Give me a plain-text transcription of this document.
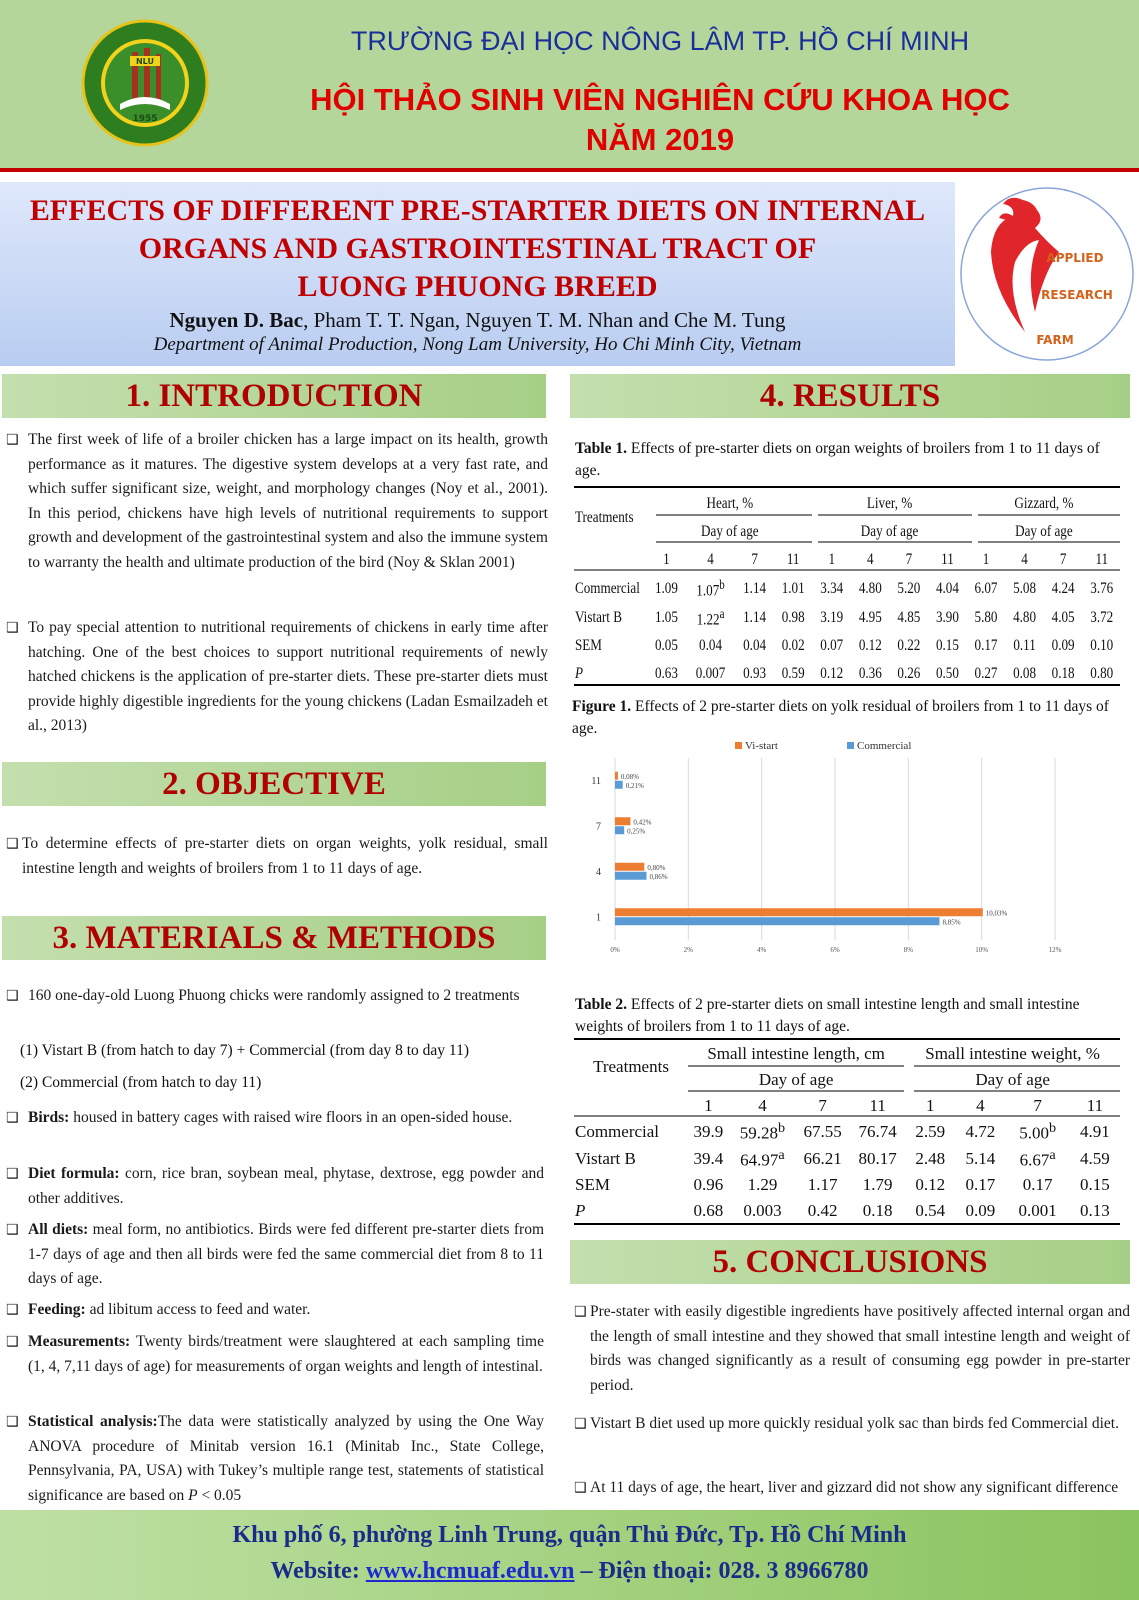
NLU
1955
TRƯỜNG ĐẠI HỌC NÔNG LÂM TP. HỒ CHÍ MINH
HỘI THẢO SINH VIÊN NGHIÊN CỨU KHOA HỌC
NĂM 2019
EFFECTS OF DIFFERENT PRE-STARTER DIETS ON INTERNAL
ORGANS AND GASTROINTESTINAL TRACT OF
LUONG PHUONG BREED
Nguyen D. Bac, Pham T. T. Ngan, Nguyen T. M. Nhan and Che M. Tung
Department of Animal Production, Nong Lam University, Ho Chi Minh City, Vietnam
APPLIED
RESEARCH
FARM
1. INTRODUCTION
❑ The first week of life of a broiler chicken has a large impact on its health, growth performance as it matures. The digestive system develops at a very fast rate, and which suffer significant size, weight, and morphology changes (Noy et al., 2001). In this period, chickens have high levels of nutritional requirements to support growth and development of the gastrointestinal system and also the immune system to warranty the health and ultimate production of the bird (Noy & Sklan 2001)
❑ To pay special attention to nutritional requirements of chickens in early time after hatching. One of the best choices to support nutritional requirements of newly hatched chickens is the application of pre-starter diets. These pre-starter diets must provide highly digestible ingredients for the young chickens (Ladan Esmailzadeh et al., 2013)
2. OBJECTIVE
❑ To determine effects of pre-starter diets on organ weights, yolk residual, small intestine length and weights of broilers from 1 to 11 days of age.
3. MATERIALS & METHODS
❑ 160 one-day-old Luong Phuong chicks were randomly assigned to 2 treatments
(1) Vistart B (from hatch to day 7) + Commercial (from day 8 to day 11)
(2) Commercial (from hatch to day 11)
❑ Birds: housed in battery cages with raised wire floors in an open-sided house.
❑ Diet formula: corn, rice bran, soybean meal, phytase, dextrose, egg powder and other additives.
❑ All diets: meal form, no antibiotics. Birds were fed different pre-starter diets from 1-7 days of age and then all birds were fed the same commercial diet from 8 to 11 days of age.
❑ Feeding: ad libitum access to feed and water.
❑ Measurements: Twenty birds/treatment were slaughtered at each sampling time (1, 4, 7,11 days of age) for measurements of organ weights and length of intestinal.
❑ Statistical analysis:The data were statistically analyzed by using the One Way ANOVA procedure of Minitab version 16.1 (Minitab Inc., State College, Pennsylvania, PA, USA) with Tukey’s multiple range test, statements of statistical significance are based on P < 0.05
4. RESULTS
Table 1. Effects of pre-starter diets on organ weights of broilers from 1 to 11 days of age.
Treatments	Heart, %				Liver, %				Gizzard, %			
	Day of age				Day of age				Day of age			
	1	4	7	11	1	4	7	11	1	4	7	11
Commercial	1.09	1.07$^b$	1.14	1.01	3.34	4.80	5.20	4.04	6.07	5.08	4.24	3.76
Vistart B	1.05	1.22$^a$	1.14	0.98	3.19	4.95	4.85	3.90	5.80	4.80	4.05	3.72
SEM	0.05	0.04	0.04	0.02	0.07	0.12	0.22	0.15	0.17	0.11	0.09	0.10
P	0.63	0.007	0.93	0.59	0.12	0.36	0.26	0.50	0.27	0.08	0.18	0.80
Figure 1. Effects of 2 pre-starter diets on yolk residual of broilers from 1 to 11 days of age.
0%	2%	4%	6%	8%	10%	12%
Vi-start	Commercial
1	10,03%
8,85%
4	0,80%
0,86%
7	0,42%
0,25%
11	0,08%
0,21%
Table 2. Effects of 2 pre-starter diets on small intestine length and small intestine weights of broilers from 1 to 11 days of age.
Treatments	Small intestine length, cm				Small intestine weight, %			
	Day of age				Day of age			
	1	4	7	11	1	4	7	11
Commercial	39.9	59.28$^b$	67.55	76.74	2.59	4.72	5.00$^b$	4.91
Vistart B	39.4	64.97$^a$	66.21	80.17	2.48	5.14	6.67$^a$	4.59
SEM	0.96	1.29	1.17	1.79	0.12	0.17	0.17	0.15
P	0.68	0.003	0.42	0.18	0.54	0.09	0.001	0.13
5. CONCLUSIONS
❑ Pre-stater with easily digestible ingredients have positively affected internal organ and the length of small intestine and they showed that small intestine length and weight of birds was changed significantly as a result of consuming egg powder in pre-starter period.
❑ Vistart B diet used up more quickly residual yolk sac than birds fed Commercial diet.
❑ At 11 days of age, the heart, liver and gizzard did not show any significant difference
Khu phố 6, phường Linh Trung, quận Thủ Đức, Tp. Hồ Chí Minh
Website: www.hcmuaf.edu.vn – Điện thoại: 028. 3 8966780
